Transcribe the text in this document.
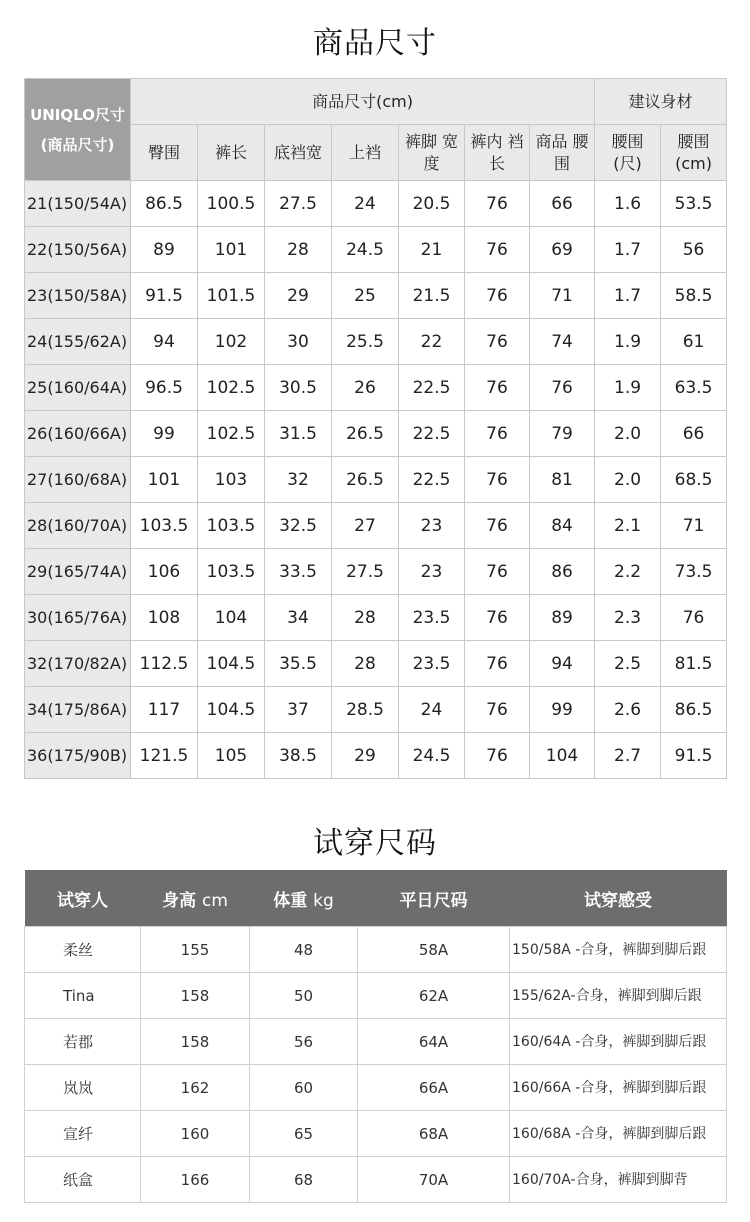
商品尺寸
UNIQLO尺寸 (商品尺寸)	商品尺寸(cm)							建议身材	
	臀围	裤长	底裆宽	上裆	裤脚 宽度	裤内 裆长	商品 腰围	腰围 (尺)	腰围 (cm)
21(150/54A)	86.5	100.5	27.5	24	20.5	76	66	1.6	53.5
22(150/56A)	89	101	28	24.5	21	76	69	1.7	56
23(150/58A)	91.5	101.5	29	25	21.5	76	71	1.7	58.5
24(155/62A)	94	102	30	25.5	22	76	74	1.9	61
25(160/64A)	96.5	102.5	30.5	26	22.5	76	76	1.9	63.5
26(160/66A)	99	102.5	31.5	26.5	22.5	76	79	2.0	66
27(160/68A)	101	103	32	26.5	22.5	76	81	2.0	68.5
28(160/70A)	103.5	103.5	32.5	27	23	76	84	2.1	71
29(165/74A)	106	103.5	33.5	27.5	23	76	86	2.2	73.5
30(165/76A)	108	104	34	28	23.5	76	89	2.3	76
32(170/82A)	112.5	104.5	35.5	28	23.5	76	94	2.5	81.5
34(175/86A)	117	104.5	37	28.5	24	76	99	2.6	86.5
36(175/90B)	121.5	105	38.5	29	24.5	76	104	2.7	91.5
试穿尺码
试穿人	身高 cm	体重 kg	平日尺码	试穿感受
柔丝	155	48	58A	150/58A -合身，裤脚到脚后跟
Tina	158	50	62A	155/62A-合身，裤脚到脚后跟
若郡	158	56	64A	160/64A -合身，裤脚到脚后跟
岚岚	162	60	66A	160/66A -合身，裤脚到脚后跟
宣纤	160	65	68A	160/68A -合身，裤脚到脚后跟
纸盒	166	68	70A	160/70A-合身，裤脚到脚背
